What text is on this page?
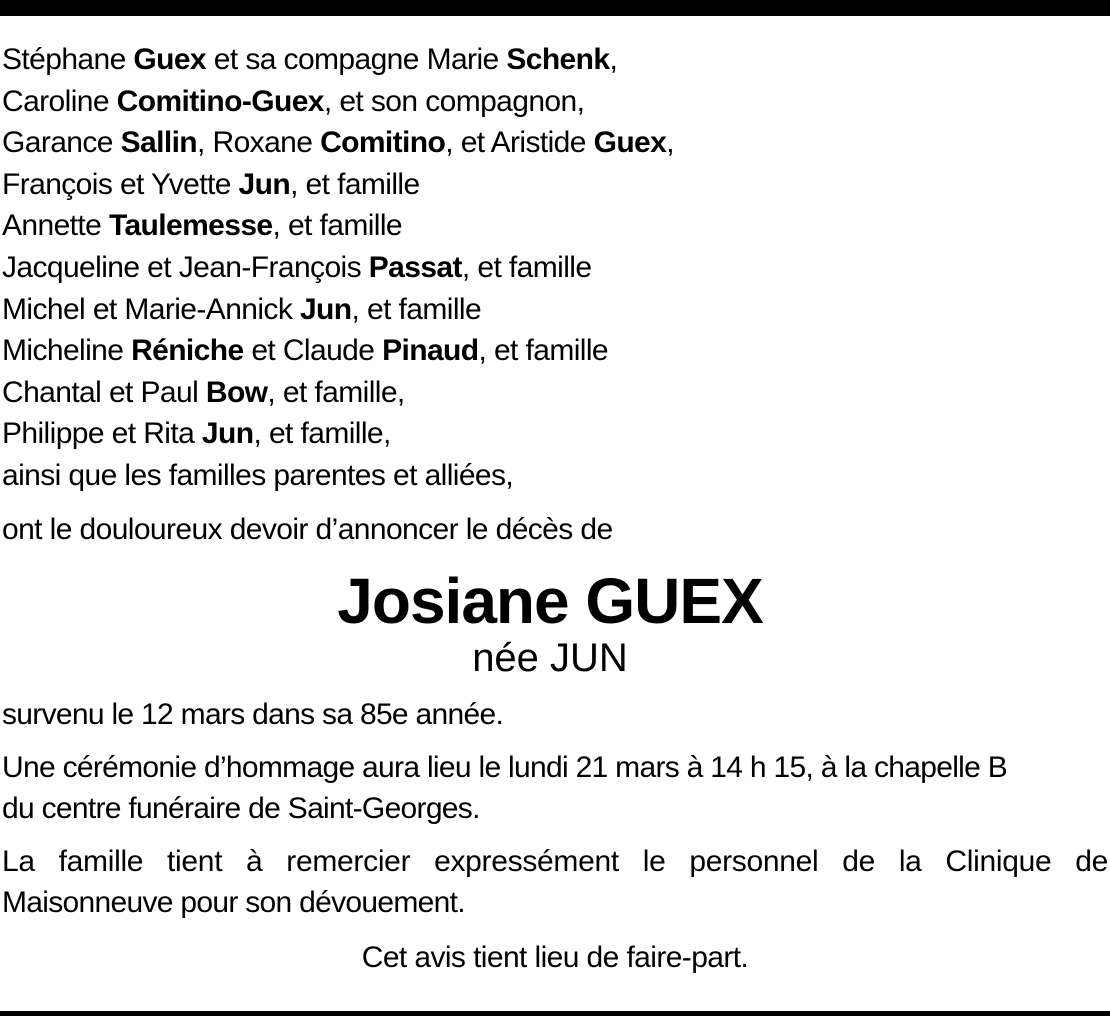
Stéphane Guex et sa compagne Marie Schenk,
Caroline Comitino-Guex, et son compagnon,
Garance Sallin, Roxane Comitino, et Aristide Guex,
François et Yvette Jun, et famille
Annette Taulemesse, et famille
Jacqueline et Jean-François Passat, et famille
Michel et Marie-Annick Jun, et famille
Micheline Réniche et Claude Pinaud, et famille
Chantal et Paul Bow, et famille,
Philippe et Rita Jun, et famille,
ainsi que les familles parentes et alliées,
ont le douloureux devoir d’annoncer le décès de
Josiane GUEX
née JUN
survenu le 12 mars dans sa 85e année.
Une cérémonie d’hommage aura lieu le lundi 21 mars à 14 h 15, à la chapelle B
du centre funéraire de Saint-Georges.
La famille tient à remercier expressément le personnel de la Clinique de
Maisonneuve pour son dévouement.
Cet avis tient lieu de faire-part.
